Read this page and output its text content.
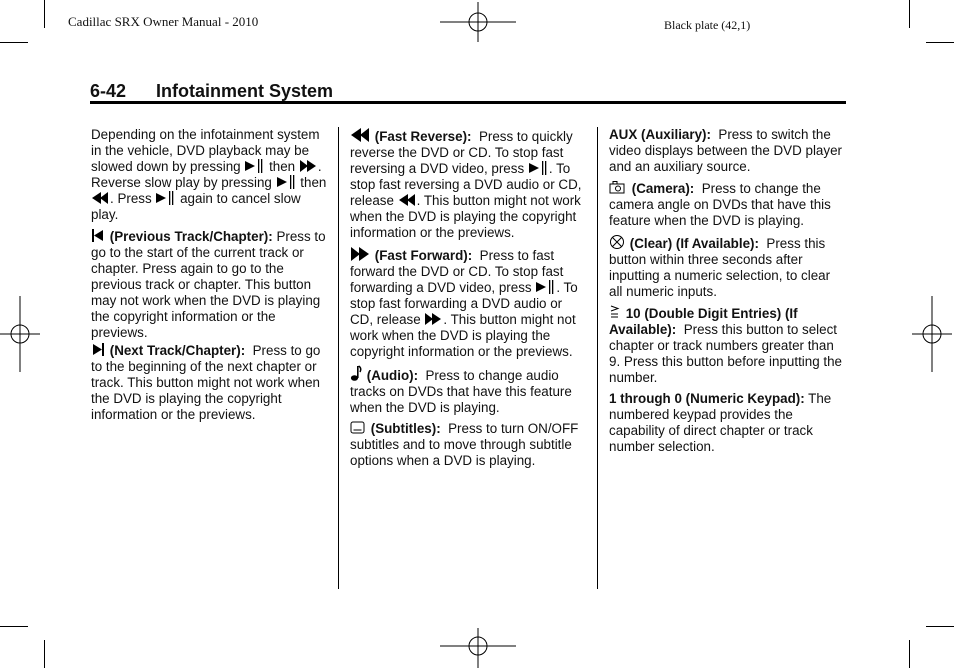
Cadillac SRX Owner Manual - 2010	Black plate (42,1)
6-42 Infotainment System

Depending on the infotainment system in the vehicle, DVD playback may be slowed down by pressing
then
. Reverse slow play by pressing
then
. Press
again to cancel slow play.

(Previous Track/Chapter): Press to go to the start of the current track or chapter. Press again to go to the previous track or chapter. This button may not work when the DVD is playing the copyright information or the previews.

(Next Track/Chapter): Press to go to the beginning of the next chapter or track. This button might not work when the DVD is playing the copyright information or the previews.

(Fast Reverse): Press to quickly reverse the DVD or CD. To stop fast reversing a DVD video, press
. To stop fast reversing a DVD audio or CD, release
. This button might not work when the DVD is playing the copyright information or the previews.

(Fast Forward): Press to fast forward the DVD or CD. To stop fast forwarding a DVD video, press
. To stop fast forwarding a DVD audio or CD, release
. This button might not work when the DVD is playing the copyright information or the previews.

(Audio): Press to change audio tracks on DVDs that have this feature when the DVD is playing.

(Subtitles): Press to turn ON/OFF subtitles and to move through subtitle options when a DVD is playing.

AUX (Auxiliary): Press to switch the video displays between the DVD player and an auxiliary source.

(Camera): Press to change the camera angle on DVDs that have this feature when the DVD is playing.

(Clear) (If Available): Press this button within three seconds after inputting a numeric selection, to clear all numeric inputs.

10 (Double Digit Entries) (If Available): Press this button to select chapter or track numbers greater than 9. Press this button before inputting the number.

1 through 0 (Numeric Keypad): The numbered keypad provides the capability of direct chapter or track number selection.
